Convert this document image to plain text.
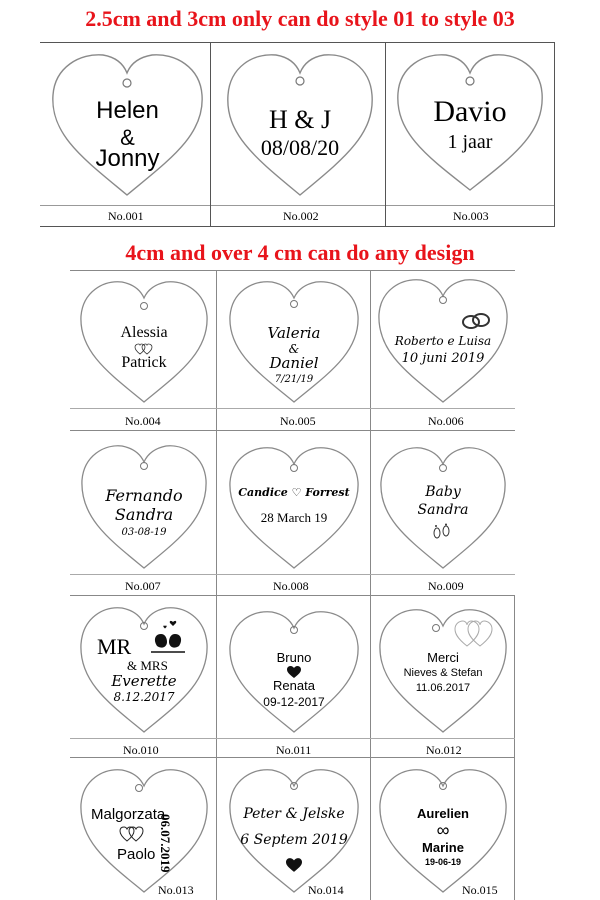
2.5cm and 3cm only can do style 01 to style 03
4cm and over 4 cm can do any design
Helen
&
Jonny
No.001
H & J
08/08/20
No.002
Davio
1 jaar
No.003
Alessia
Patrick
No.004
Valeria
&
Daniel
7/21/19
No.005
Roberto e Luisa
10 juni 2019
No.006
Fernando
Sandra
03-08-19
No.007
Candice ♡ Forrest
28 March 19
No.008
Baby
Sandra
No.009
MR
& MRS
Everette
8.12.2017
No.010
Bruno
Renata
09-12-2017
No.011
Merci
Nieves & Stefan
11.06.2017
No.012
Malgorzata
Paolo 06.07.2019
No.013
Peter & Jelske
6 Septem 2019
No.014
Aurelien
∞
Marine
19-06-19
No.015
